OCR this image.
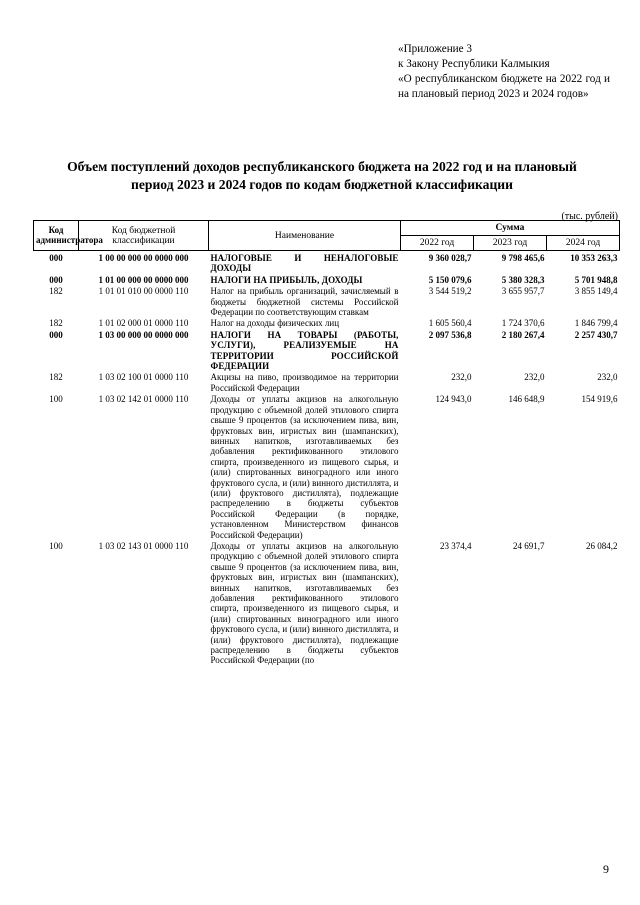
«Приложение 3
к Закону Республики Калмыкия
«О республиканском бюджете на 2022 год и на плановый период 2023 и 2024 годов»
Объем поступлений доходов республиканского бюджета на 2022 год и на плановый период 2023 и 2024 годов по кодам бюджетной классификации
(тыс. рублей)
Код администратора	Код бюджетной классификации	Наименование	Сумма		
			2022 год	2023 год	2024 год
000	1 00 00 000 00 0000 000	НАЛОГОВЫЕ И НЕНАЛОГОВЫЕ ДОХОДЫ	9 360 028,7	9 798 465,6	10 353 263,3
000	1 01 00 000 00 0000 000	НАЛОГИ НА ПРИБЫЛЬ, ДОХОДЫ	5 150 079,6	5 380 328,3	5 701 948,8
182	1 01 01 010 00 0000 110	Налог на прибыль организаций, зачисляемый в бюджеты бюджетной системы Российской Федерации по соответствующим ставкам	3 544 519,2	3 655 957,7	3 855 149,4
182	1 01 02 000 01 0000 110	Налог на доходы физических лиц	1 605 560,4	1 724 370,6	1 846 799,4
000	1 03 00 000 00 0000 000	НАЛОГИ НА ТОВАРЫ (РАБОТЫ, УСЛУГИ), РЕАЛИЗУЕМЫЕ НА ТЕРРИТОРИИ РОССИЙСКОЙ ФЕДЕРАЦИИ	2 097 536,8	2 180 267,4	2 257 430,7
182	1 03 02 100 01 0000 110	Акцизы на пиво, производимое на территории Российской Федерации	232,0	232,0	232,0
100	1 03 02 142 01 0000 110	Доходы от уплаты акцизов на алкогольную продукцию с объемной долей этилового спирта свыше 9 процентов (за исключением пива, вин, фруктовых вин, игристых вин (шампанских), винных напитков, изготавливаемых без добавления ректификованного этилового спирта, произведенного из пищевого сырья, и (или) спиртованных виноградного или иного фруктового сусла, и (или) винного дистиллята, и (или) фруктового дистиллята), подлежащие распределению в бюджеты субъектов Российской Федерации (в порядке, установленном Министерством финансов Российской Федерации)	124 943,0	146 648,9	154 919,6
100	1 03 02 143 01 0000 110	Доходы от уплаты акцизов на алкогольную продукцию с объемной долей этилового спирта свыше 9 процентов (за исключением пива, вин, фруктовых вин, игристых вин (шампанских), винных напитков, изготавливаемых без добавления ректификованного этилового спирта, произведенного из пищевого сырья, и (или) спиртованных виноградного или иного фруктового сусла, и (или) винного дистиллята, и (или) фруктового дистиллята), подлежащие распределению в бюджеты субъектов Российской Федерации (по	23 374,4	24 691,7	26 084,2
9
